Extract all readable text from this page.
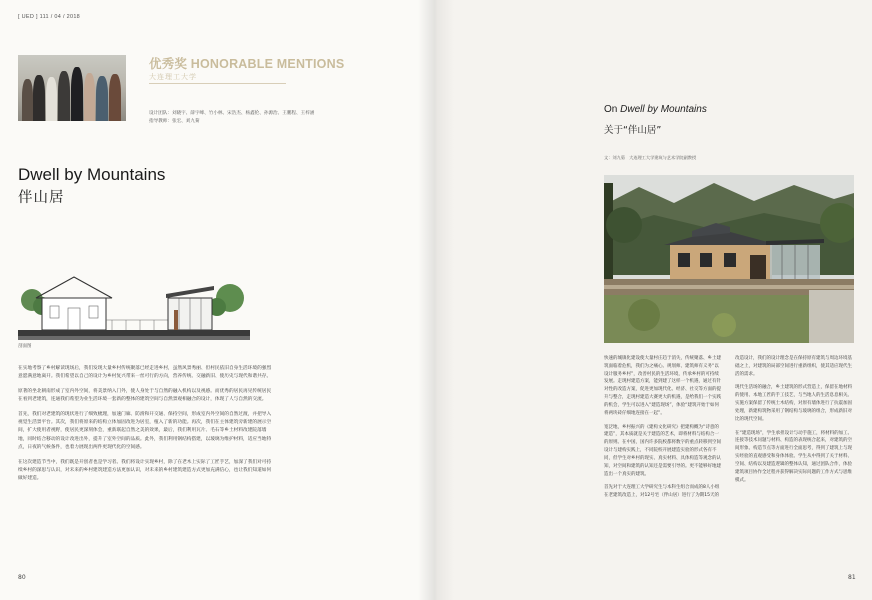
[ UED ] 111 / 04 / 2018
优秀奖 HONORABLE MENTIONS
大连理工大学
设计团队：刘晓宇、薛宇峰、竹小林、宋浩杰、杨鑫伦、孙源治、王鹏程、王梓涵
指导教师：张宏、刘九菊
Dwell by Mountains
伴山居
剖面图

在实地考察了乡村解读现场后，我们发现大量乡村传统聚落已经走进乡村，虽然风景秀丽、但村民依旧自身生活环境的强烈意愿满意地离开。我们希望以自己的设计为乡村复兴带来一丝可行的方向，营养传统、交融新旧、使历史与现代和谐共存。

原著的坐北朝南形成了室内外空间，将美景纳入门外，使人身处于与自然的融入机构以及视感。而优秀的居民再见传统居民在看到老建筑，连通我们希望为业生活环境一套新的整体的建筑空间与自然景观相融合的设计，体现了人与自然的交流。

首先，我们对老建筑的现状进行了细致梳理，加速门廊、防滑和开交通、保持空间，形成室内外空间的自然过渡，并把导入视觉生活景平台。其次，我们将原来的结构立体加固改进为居室，植入了新的功能。再次，我们在主体建筑旁新建的展示空间，扩大使用者视野，使居民更深刻体会，重新联起自然之美的效果，最后，我们利用瓦片、毛石等乡土材料改建院落墙地，同时结合移动的设计改进出外，提升了室外空间的品质。此外，我们利用钢结构搭建，以玻璃为维护材料，适应当地特点，日夜的气候条件，也着力展现出两件更现代化的空间感。

在这次建造节当中，我们既是开创者也是学习者。我们将设计实现乡村，除了在老木上实际了工匠手艺，加深了我们对可持续乡村的深思与认识，对未来的乡村建筑建造方法更加认识，对未来的乡村建筑建造方式更加充满信心，也让我们知道如何做好建造。

80
On Dwell by Mountains
关于“伴山居”
文：刘九菊　大连理工大学建筑与艺术学院副教授

快速的城镇化建设使大量村庄趋于消失，传统聚落、乡土建筑面临着危机，我们为之痛心。规划师、建筑师有义务“以设计服务乡村”，改善村民的生活环境，传承乡村的可持续发展。走现村建造方案，能到建了这样一个机遇，通过有针对性的改造方案，促进更加现代化、经济、社交等方面的提升与整合，走现村建造大赛更大的机遇，是给我们一个实践的机会，学生可以进入“建造现场”，体验“建筑开始于如何将两块砖仔细地连接在一起”。

宽泛地，乡村振兴的《建构文化研究》把建构概为“诗意的建造”，其本质就是关于建造的艺术，即将材料与结构合一的原则。在中国，国内许多院校都将数字的重点转移到空间设计与建构实践上，不同院校开展建造实验的形式各有不同，但学生对乡村的现实、真实材料、具体构造等观念的认知，对空间和建筑的认知还是需要引导的。更不能够好地建造出一个真实的建筑。

首先对于大连理工大学研究生与本科生组合而成的8人小组在老建筑改造上，对12号宅（伴山居）进行了为期15天的改造设计，我们的设计理念是在保持原有建筑与周边环境基础之上，对建筑的局部空间进行重新组织，使其适应现代生活的需求。

现代生活场的融合，乡土建筑的形式营造上，保留在地材料的使用、本地工匠的手工技艺，与当地人的生活息息相关。实施方案保留了传统土木结构，对原有墙体进行了抗震加固处理，新建构筑物采用了钢结构与玻璃的组合，形成新旧对比的现代空间。

在“建造现场”，学生承担设计与动手施工，将材料的加工、连接等技术问题与材料、构造的表现统合起来，对建筑的空间形象、构造节点等方面进行全面思考，得到了建筑上与现实经验的直观感受和身体体验。学生从中得到了关于材料、空间、结构以及建造逻辑的整体认知，通过团队合作，体验建筑项目协作全过程并获得解决实际问题的工作方式与思维模式。

81
